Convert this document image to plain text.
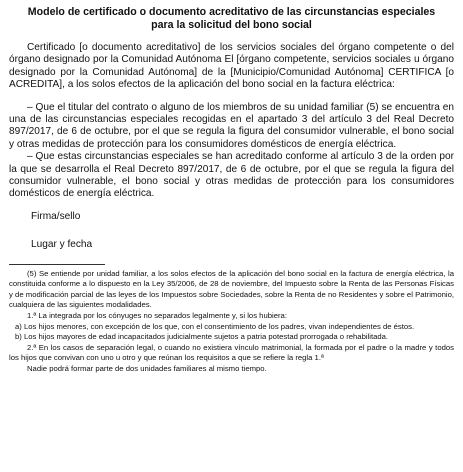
Modelo de certificado o documento acreditativo de las circunstancias especiales
para la solicitud del bono social

Certificado [o documento acreditativo] de los servicios sociales del órgano competente o del órgano designado por la Comunidad Autónoma El [órgano competente, servicios sociales u órgano designado por la Comunidad Autónoma] de la [Municipio/Comunidad Autónoma] CERTIFICA [o ACREDITA], a los solos efectos de la aplicación del bono social en la factura eléctrica:

– Que el titular del contrato o alguno de los miembros de su unidad familiar (5) se encuentra en una de las circunstancias especiales recogidas en el apartado 3 del artículo 3 del Real Decreto 897/2017, de 6 de octubre, por el que se regula la figura del consumidor vulnerable, el bono social y otras medidas de protección para los consumidores domésticos de energía eléctrica.

– Que estas circunstancias especiales se han acreditado conforme al artículo 3 de la orden por la que se desarrolla el Real Decreto 897/2017, de 6 de octubre, por el que se regula la figura del consumidor vulnerable, el bono social y otras medidas de protección para los consumidores domésticos de energía eléctrica.

Firma/sello

Lugar y fecha

(5) Se entiende por unidad familiar, a los solos efectos de la aplicación del bono social en la factura de energía eléctrica, la constituida conforme a lo dispuesto en la Ley 35/2006, de 28 de noviembre, del Impuesto sobre la Renta de las Personas Físicas y de modificación parcial de las leyes de los Impuestos sobre Sociedades, sobre la Renta de no Residentes y sobre el Patrimonio, cualquiera de las siguientes modalidades.

1.ª La integrada por los cónyuges no separados legalmente y, si los hubiera:

a) Los hijos menores, con excepción de los que, con el consentimiento de los padres, vivan independientes de éstos.

b) Los hijos mayores de edad incapacitados judicialmente sujetos a patria potestad prorrogada o rehabilitada.

2.ª En los casos de separación legal, o cuando no existiera vínculo matrimonial, la formada por el padre o la madre y todos los hijos que convivan con uno u otro y que reúnan los requisitos a que se refiere la regla 1.ª

Nadie podrá formar parte de dos unidades familiares al mismo tiempo.
